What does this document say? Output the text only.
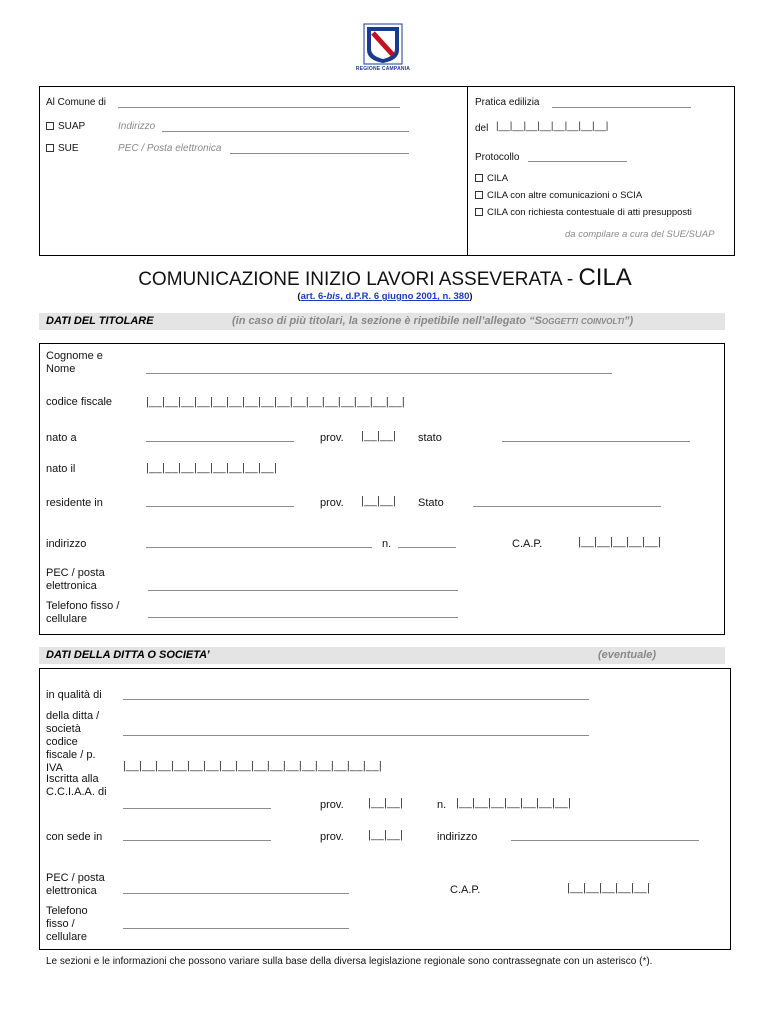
REGIONE CAMPANIA
Al Comune di
SUAP	Indirizzo
SUE	PEC / Posta elettronica
Pratica edilizia
del |__|__|__|__|__|__|__|__|
Protocollo
CILA
CILA con altre comunicazioni o SCIA
CILA con richiesta contestuale di atti presupposti
da compilare a cura del SUE/SUAP
COMUNICAZIONE INIZIO LAVORI ASSEVERATA - CILA
(art. 6-bis, d.P.R. 6 giugno 2001, n. 380)
DATI DEL TITOLARE	(in caso di più titolari, la sezione è ripetibile nell’allegato “Soggetti coinvolti”)
Cognome e Nome
codice fiscale	|__|__|__|__|__|__|__|__|__|__|__|__|__|__|__|__|
nato a	prov. |__|__| stato
nato il	|__|__|__|__|__|__|__|__|
residente in	prov. |__|__| Stato
indirizzo	n.	C.A.P.	|__|__|__|__|__|
PEC / posta elettronica
Telefono fisso / cellulare
DATI DELLA DITTA O SOCIETA’	(eventuale)
in qualità di
della ditta / società
codice fiscale / p. IVA	|__|__|__|__|__|__|__|__|__|__|__|__|__|__|__|__|
Iscritta alla C.C.I.A.A. di
prov. |__|__|	n. |__|__|__|__|__|__|__|
con sede in	prov. |__|__|	indirizzo
PEC / posta elettronica	C.A.P.	|__|__|__|__|__|
Telefono fisso / cellulare
Le sezioni e le informazioni che possono variare sulla base della diversa legislazione regionale sono contrassegnate con un asterisco (*).
